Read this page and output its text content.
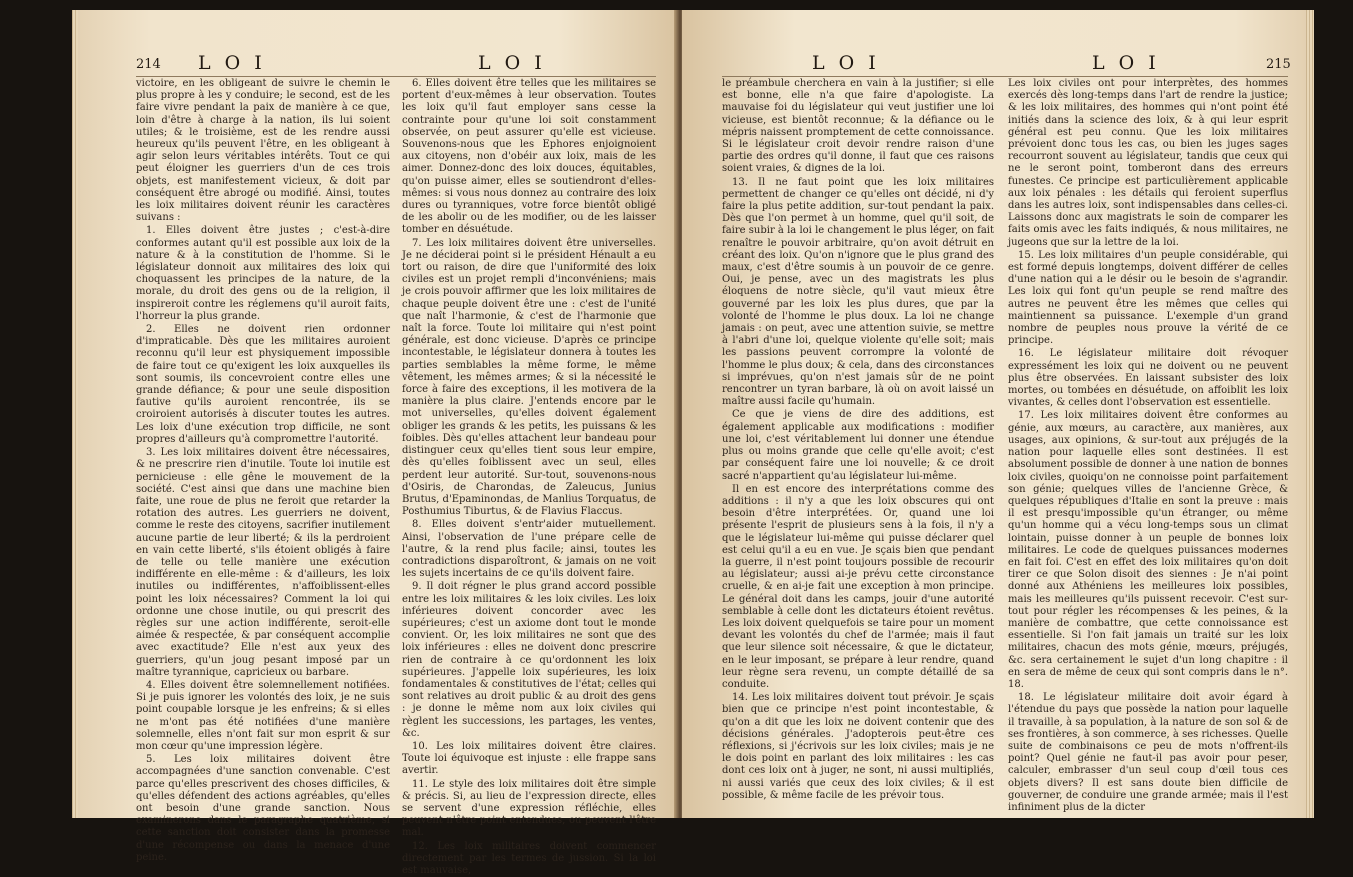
214 L O I	L O I

victoire, en les obligeant de suivre le chemin le plus propre à les y conduire; le second, est de les faire vivre pendant la paix de manière à ce que, loin d'être à charge à la nation, ils lui soient utiles; & le troisième, est de les rendre aussi heureux qu'ils peuvent l'être, en les obligeant à agir selon leurs véritables intérêts. Tout ce qui peut éloigner les guerriers d'un de ces trois objets, est manifestement vicieux, & doit par conséquent être abrogé ou modifié. Ainsi, toutes les loix militaires doivent réunir les caractères suivans :

1. Elles doivent être justes ; c'est-à-dire conformes autant qu'il est possible aux loix de la nature & à la constitution de l'homme. Si le législateur donnoit aux militaires des loix qui choquassent les principes de la nature, de la morale, du droit des gens ou de la religion, il inspireroit contre les réglemens qu'il auroit faits, l'horreur la plus grande.

2. Elles ne doivent rien ordonner d'impraticable. Dès que les militaires auroient reconnu qu'il leur est physiquement impossible de faire tout ce qu'exigent les loix auxquelles ils sont soumis, ils concevroient contre elles une grande défiance; & pour une seule disposition fautive qu'ils auroient rencontrée, ils se croiroient autorisés à discuter toutes les autres. Les loix d'une exécution trop difficile, ne sont propres d'ailleurs qu'à compromettre l'autorité.

3. Les loix militaires doivent être nécessaires, & ne prescrire rien d'inutile. Toute loi inutile est pernicieuse : elle gêne le mouvement de la société. C'est ainsi que dans une machine bien faite, une roue de plus ne feroit que retarder la rotation des autres. Les guerriers ne doivent, comme le reste des citoyens, sacrifier inutilement aucune partie de leur liberté; & ils la perdroient en vain cette liberté, s'ils étoient obligés à faire de telle ou telle manière une exécution indifférente en elle-même : & d'ailleurs, les loix inutiles ou indifférentes, n'affoiblissent-elles point les loix nécessaires? Comment la loi qui ordonne une chose inutile, ou qui prescrit des règles sur une action indifférente, seroit-elle aimée & respectée, & par conséquent accomplie avec exactitude? Elle n'est aux yeux des guerriers, qu'un joug pesant imposé par un maître tyrannique, capricieux ou barbare.

4. Elles doivent être solemnellement notifiées. Si je puis ignorer les volontés des loix, je ne suis point coupable lorsque je les enfreins; & si elles ne m'ont pas été notifiées d'une manière solemnelle, elles n'ont fait sur mon esprit & sur mon cœur qu'une impression légère.

5. Les loix militaires doivent être accompagnées d'une sanction convenable. C'est parce qu'elles prescrivent des choses difficiles, & qu'elles défendent des actions agréables, qu'elles ont besoin d'une grande sanction. Nous examinerons dans le paragraphe quatrième, si cette sanction doit consister dans la promesse d'une récompense ou dans la menace d'une peine.

6. Elles doivent être telles que les militaires se portent d'eux-mêmes à leur observation. Toutes les loix qu'il faut employer sans cesse la contrainte pour qu'une loi soit constamment observée, on peut assurer qu'elle est vicieuse. Souvenons-nous que les Ephores enjoignoient aux citoyens, non d'obéir aux loix, mais de les aimer. Donnez-donc des loix douces, équitables, qu'on puisse aimer, elles se soutiendront d'elles-mêmes: si vous nous donnez au contraire des loix dures ou tyranniques, votre force bientôt obligé de les abolir ou de les modifier, ou de les laisser tomber en désuétude.

7. Les loix militaires doivent être universelles. Je ne déciderai point si le président Hénault a eu tort ou raison, de dire que l'uniformité des loix civiles est un projet rempli d'inconvéniens; mais je crois pouvoir affirmer que les loix militaires de chaque peuple doivent être une : c'est de l'unité que naît l'harmonie, & c'est de l'harmonie que naît la force. Toute loi militaire qui n'est point générale, est donc vicieuse. D'après ce principe incontestable, le législateur donnera à toutes les parties semblables la même forme, le même vêtement, les mêmes armes; & si la nécessité le force à faire des exceptions, il les motivera de la manière la plus claire. J'entends encore par le mot universelles, qu'elles doivent également obliger les grands & les petits, les puissans & les foibles. Dès qu'elles attachent leur bandeau pour distinguer ceux qu'elles tient sous leur empire, dès qu'elles foiblissent avec un seul, elles perdent leur autorité. Sur-tout, souvenons-nous d'Osiris, de Charondas, de Zaleucus, Junius Brutus, d'Epaminondas, de Manlius Torquatus, de Posthumius Tiburtus, & de Flavius Flaccus.

8. Elles doivent s'entr'aider mutuellement. Ainsi, l'observation de l'une prépare celle de l'autre, & la rend plus facile; ainsi, toutes les contradictions disparoîtront, & jamais on ne voit les sujets incertains de ce qu'ils doivent faire.

9. Il doit régner le plus grand accord possible entre les loix militaires & les loix civiles. Les loix inférieures doivent concorder avec les supérieures; c'est un axiome dont tout le monde convient. Or, les loix militaires ne sont que des loix inférieures : elles ne doivent donc prescrire rien de contraire à ce qu'ordonnent les loix supérieures. J'appelle loix supérieures, les loix fondamentales & constitutives de l'état; celles qui sont relatives au droit public & au droit des gens : je donne le même nom aux loix civiles qui règlent les successions, les partages, les ventes, &c.

10. Les loix militaires doivent être claires. Toute loi équivoque est injuste : elle frappe sans avertir.

11. Le style des loix militaires doit être simple & précis. Si, au lieu de l'expression directe, elles se servent d'une expression réfléchie, elles peuvent n'être point entendues, ou peuvent l'être mal.

12. Les loix militaires doivent commencer directement par les termes de jussion. Si la loi est mauvaise,

L O I	L O I	215

le préambule cherchera en vain à la justifier; si elle est bonne, elle n'a que faire d'apologiste. La mauvaise foi du législateur qui veut justifier une loi vicieuse, est bientôt reconnue; & la défiance ou le mépris naissent promptement de cette connoissance. Si le législateur croit devoir rendre raison d'une partie des ordres qu'il donne, il faut que ces raisons soient vraies, & dignes de la loi.

13. Il ne faut point que les loix militaires permettent de changer ce qu'elles ont décidé, ni d'y faire la plus petite addition, sur-tout pendant la paix. Dès que l'on permet à un homme, quel qu'il soit, de faire subir à la loi le changement le plus léger, on fait renaître le pouvoir arbitraire, qu'on avoit détruit en créant des loix. Qu'on n'ignore que le plus grand des maux, c'est d'être soumis à un pouvoir de ce genre. Oui, je pense, avec un des magistrats les plus éloquens de notre siècle, qu'il vaut mieux être gouverné par les loix les plus dures, que par la volonté de l'homme le plus doux. La loi ne change jamais : on peut, avec une attention suivie, se mettre à l'abri d'une loi, quelque violente qu'elle soit; mais les passions peuvent corrompre la volonté de l'homme le plus doux; & cela, dans des circonstances si imprévues, qu'on n'est jamais sûr de ne point rencontrer un tyran barbare, là où on avoit laissé un maître aussi facile qu'humain.

Ce que je viens de dire des additions, est également applicable aux modifications : modifier une loi, c'est véritablement lui donner une étendue plus ou moins grande que celle qu'elle avoit; c'est par conséquent faire une loi nouvelle; & ce droit sacré n'appartient qu'au législateur lui-même.

Il en est encore des interprétations comme des additions : il n'y a que les loix obscures qui ont besoin d'être interprétées. Or, quand une loi présente l'esprit de plusieurs sens à la fois, il n'y a que le législateur lui-même qui puisse déclarer quel est celui qu'il a eu en vue. Je sçais bien que pendant la guerre, il n'est point toujours possible de recourir au législateur; aussi ai-je prévu cette circonstance cruelle, & en ai-je fait une exception à mon principe. Le général doit dans les camps, jouir d'une autorité semblable à celle dont les dictateurs étoient revêtus. Les loix doivent quelquefois se taire pour un moment devant les volontés du chef de l'armée; mais il faut que leur silence soit nécessaire, & que le dictateur, en le leur imposant, se prépare à leur rendre, quand leur règne sera revenu, un compte détaillé de sa conduite.

14. Les loix militaires doivent tout prévoir. Je sçais bien que ce principe n'est point incontestable, & qu'on a dit que les loix ne doivent contenir que des décisions générales. J'adopterois peut-être ces réflexions, si j'écrivois sur les loix civiles; mais je ne le dois point en parlant des loix militaires : les cas dont ces loix ont à juger, ne sont, ni aussi multipliés, ni aussi variés que ceux des loix civiles; & il est possible, & même facile de les prévoir tous.

Les loix civiles ont pour interprètes, des hommes exercés dès long-temps dans l'art de rendre la justice; & les loix militaires, des hommes qui n'ont point été initiés dans la science des loix, & à qui leur esprit général est peu connu. Que les loix militaires prévoient donc tous les cas, ou bien les juges sages recourront souvent au législateur, tandis que ceux qui ne le seront point, tomberont dans des erreurs funestes. Ce principe est particulièrement applicable aux loix pénales : les détails qui feroient superflus dans les autres loix, sont indispensables dans celles-ci. Laissons donc aux magistrats le soin de comparer les faits omis avec les faits indiqués, & nous militaires, ne jugeons que sur la lettre de la loi.

15. Les loix militaires d'un peuple considérable, qui est formé depuis longtemps, doivent différer de celles d'une nation qui a le désir ou le besoin de s'agrandir. Les loix qui font qu'un peuple se rend maître des autres ne peuvent être les mêmes que celles qui maintiennent sa puissance. L'exemple d'un grand nombre de peuples nous prouve la vérité de ce principe.

16. Le législateur militaire doit révoquer expressément les loix qui ne doivent ou ne peuvent plus être observées. En laissant subsister des loix mortes, ou tombées en désuétude, on affoiblit les loix vivantes, & celles dont l'observation est essentielle.

17. Les loix militaires doivent être conformes au génie, aux mœurs, au caractère, aux manières, aux usages, aux opinions, & sur-tout aux préjugés de la nation pour laquelle elles sont destinées. Il est absolument possible de donner à une nation de bonnes loix civiles, quoiqu'on ne connoisse point parfaitement son génie; quelques villes de l'ancienne Grèce, & quelques républiques d'Italie en sont la preuve : mais il est presqu'impossible qu'un étranger, ou même qu'un homme qui a vécu long-temps sous un climat lointain, puisse donner à un peuple de bonnes loix militaires. Le code de quelques puissances modernes en fait foi. C'est en effet des loix militaires qu'on doit tirer ce que Solon disoit des siennes : Je n'ai point donné aux Athéniens les meilleures loix possibles, mais les meilleures qu'ils puissent recevoir. C'est sur-tout pour régler les récompenses & les peines, & la manière de combattre, que cette connoissance est essentielle. Si l'on fait jamais un traité sur les loix militaires, chacun des mots génie, mœurs, préjugés, &c. sera certainement le sujet d'un long chapitre : il en sera de même de ceux qui sont compris dans le n°. 18.

18. Le législateur militaire doit avoir égard à l'étendue du pays que possède la nation pour laquelle il travaille, à sa population, à la nature de son sol & de ses frontières, à son commerce, à ses richesses. Quelle suite de combinaisons ce peu de mots n'offrent-ils point? Quel génie ne faut-il pas avoir pour peser, calculer, embrasser d'un seul coup d'œil tous ces objets divers? Il est sans doute bien difficile de gouverner, de conduire une grande armée; mais il l'est infiniment plus de la dicter
